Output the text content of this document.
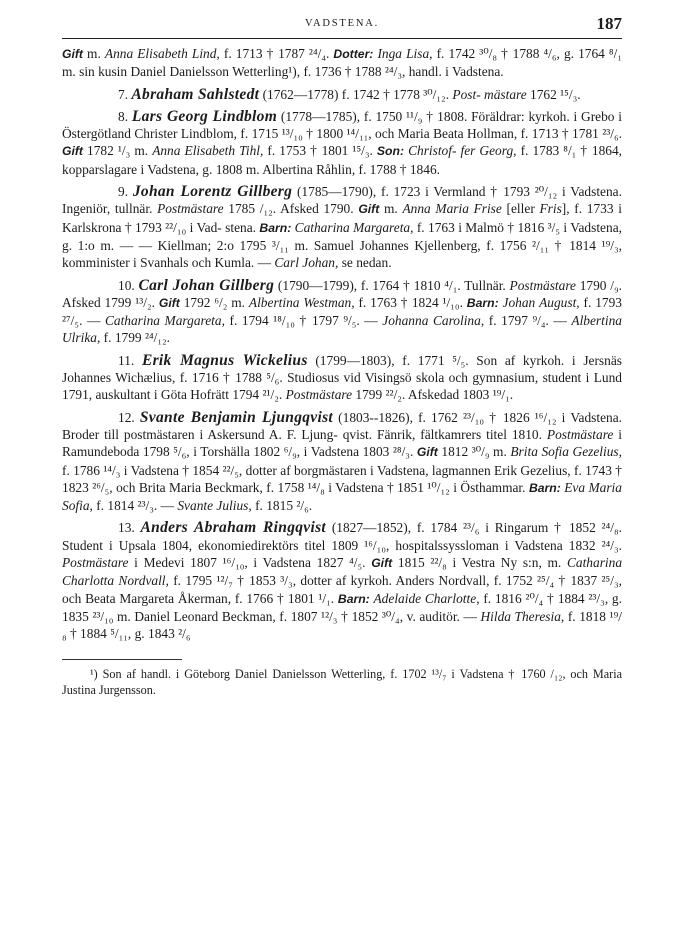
VADSTENA.	187

Gift m. Anna Elisabeth Lind, f. 1713 † 1787 ²⁴/₄. Dotter: Inga Lisa, f. 1742 ³⁰/₈ † 1788 ⁴/₆, g. 1764 ⁸/₁ m. sin kusin Daniel Danielsson Wetterling¹), f. 1736 † 1788 ²⁴/₃, handl. i Vadstena.

7. Abraham Sahlstedt (1762—1778) f. 1742 † 1778 ³⁰/₁₂. Post- mästare 1762 ¹⁵/₃.

8. Lars Georg Lindblom (1778—1785), f. 1750 ¹¹/₉ † 1808. Föräldrar: kyrkoh. i Grebo i Östergötland Christer Lindblom, f. 1715 ¹³/₁₀ † 1800 ¹⁴/₁₁, och Maria Beata Hollman, f. 1713 † 1781 ²³/₆. Gift 1782 ¹/₃ m. Anna Elisabeth Tihl, f. 1753 † 1801 ¹⁵/₃. Son: Christof- fer Georg, f. 1783 ⁸/₁ † 1864, kopparslagare i Vadstena, g. 1808 m. Albertina Råhlin, f. 1788 † 1846.

9. Johan Lorentz Gillberg (1785—1790), f. 1723 i Vermland † 1793 ²⁰/₁₂ i Vadstena. Ingeniör, tullnär. Postmästare 1785 /₁₂. Afsked 1790. Gift m. Anna Maria Frise [eller Fris], f. 1733 i Karlskrona † 1793 ²²/₁₀ i Vad- stena. Barn: Catharina Margareta, f. 1763 i Malmö † 1816 ³/₅ i Vadstena, g. 1:o m. — — Kiellman; 2:o 1795 ³/₁₁ m. Samuel Johannes Kjellenberg, f. 1756 ²/₁₁ † 1814 ¹⁹/₃, komminister i Svanhals och Kumla. — Carl Johan, se nedan.

10. Carl Johan Gillberg (1790—1799), f. 1764 † 1810 ⁴/₁. Tullnär. Postmästare 1790 /₉. Afsked 1799 ¹³/₂. Gift 1792 ⁶/₂ m. Albertina Westman, f. 1763 † 1824 ¹/₁₀. Barn: Johan August, f. 1793 ²⁷/₅. — Catharina Margareta, f. 1794 ¹⁸/₁₀ † 1797 ⁹/₅. — Johanna Carolina, f. 1797 ⁹/₄. — Albertina Ulrika, f. 1799 ²⁴/₁₂.

11. Erik Magnus Wickelius (1799—1803), f. 1771 ⁵/₅. Son af kyrkoh. i Jersnäs Johannes Wichælius, f. 1716 † 1788 ⁵/₆. Studiosus vid Visingsö skola och gymnasium, student i Lund 1791, auskultant i Göta Hofrätt 1794 ²¹/₂. Postmästare 1799 ²²/₂. Afskedad 1803 ¹⁹/₁.

12. Svante Benjamin Ljungqvist (1803--1826), f. 1762 ²³/₁₀ † 1826 ¹⁶/₁₂ i Vadstena. Broder till postmästaren i Askersund A. F. Ljung- qvist. Fänrik, fältkamrers titel 1810. Postmästare i Ramundeboda 1798 ⁵/₆, i Torshälla 1802 ⁶/₉, i Vadstena 1803 ²⁸/₃. Gift 1812 ³⁰/₉ m. Brita Sofia Gezelius, f. 1786 ¹⁴/₃ i Vadstena † 1854 ²²/₅, dotter af borgmästaren i Vadstena, lagmannen Erik Gezelius, f. 1743 † 1823 ²⁶/₅, och Brita Maria Beckmark, f. 1758 ¹⁴/₈ i Vadstena † 1851 ¹⁰/₁₂ i Östhammar. Barn: Eva Maria Sofia, f. 1814 ²³/₃. — Svante Julius, f. 1815 ²/₆.

13. Anders Abraham Ringqvist (1827—1852), f. 1784 ²³/₆ i Ringarum † 1852 ²⁴/₈. Student i Upsala 1804, ekonomiedirektörs titel 1809 ¹⁶/₁₀, hospitalssyssloman i Vadstena 1832 ²⁴/₃. Postmästare i Medevi 1807 ¹⁶/₁₀, i Vadstena 1827 ⁴/₅. Gift 1815 ²²/₈ i Vestra Ny s:n, m. Catharina Charlotta Nordvall, f. 1795 ¹²/₇ † 1853 ³/₃, dotter af kyrkoh. Anders Nordvall, f. 1752 ²⁵/₄ † 1837 ²⁵/₃, och Beata Margareta Åkerman, f. 1766 † 1801 ¹/₁. Barn: Adelaide Charlotte, f. 1816 ²⁰/₄ † 1884 ²³/₃, g. 1835 ²³/₁₀ m. Daniel Leonard Beckman, f. 1807 ¹²/₃ † 1852 ³⁰/₄, v. auditör. — Hilda Theresia, f. 1818 ¹⁹/₈ † 1884 ⁵/₁₁, g. 1843 ²/₆

¹) Son af handl. i Göteborg Daniel Danielsson Wetterling, f. 1702 ¹³/₇ i Vadstena † 1760 /₁₂, och Maria Justina Jurgensson.
